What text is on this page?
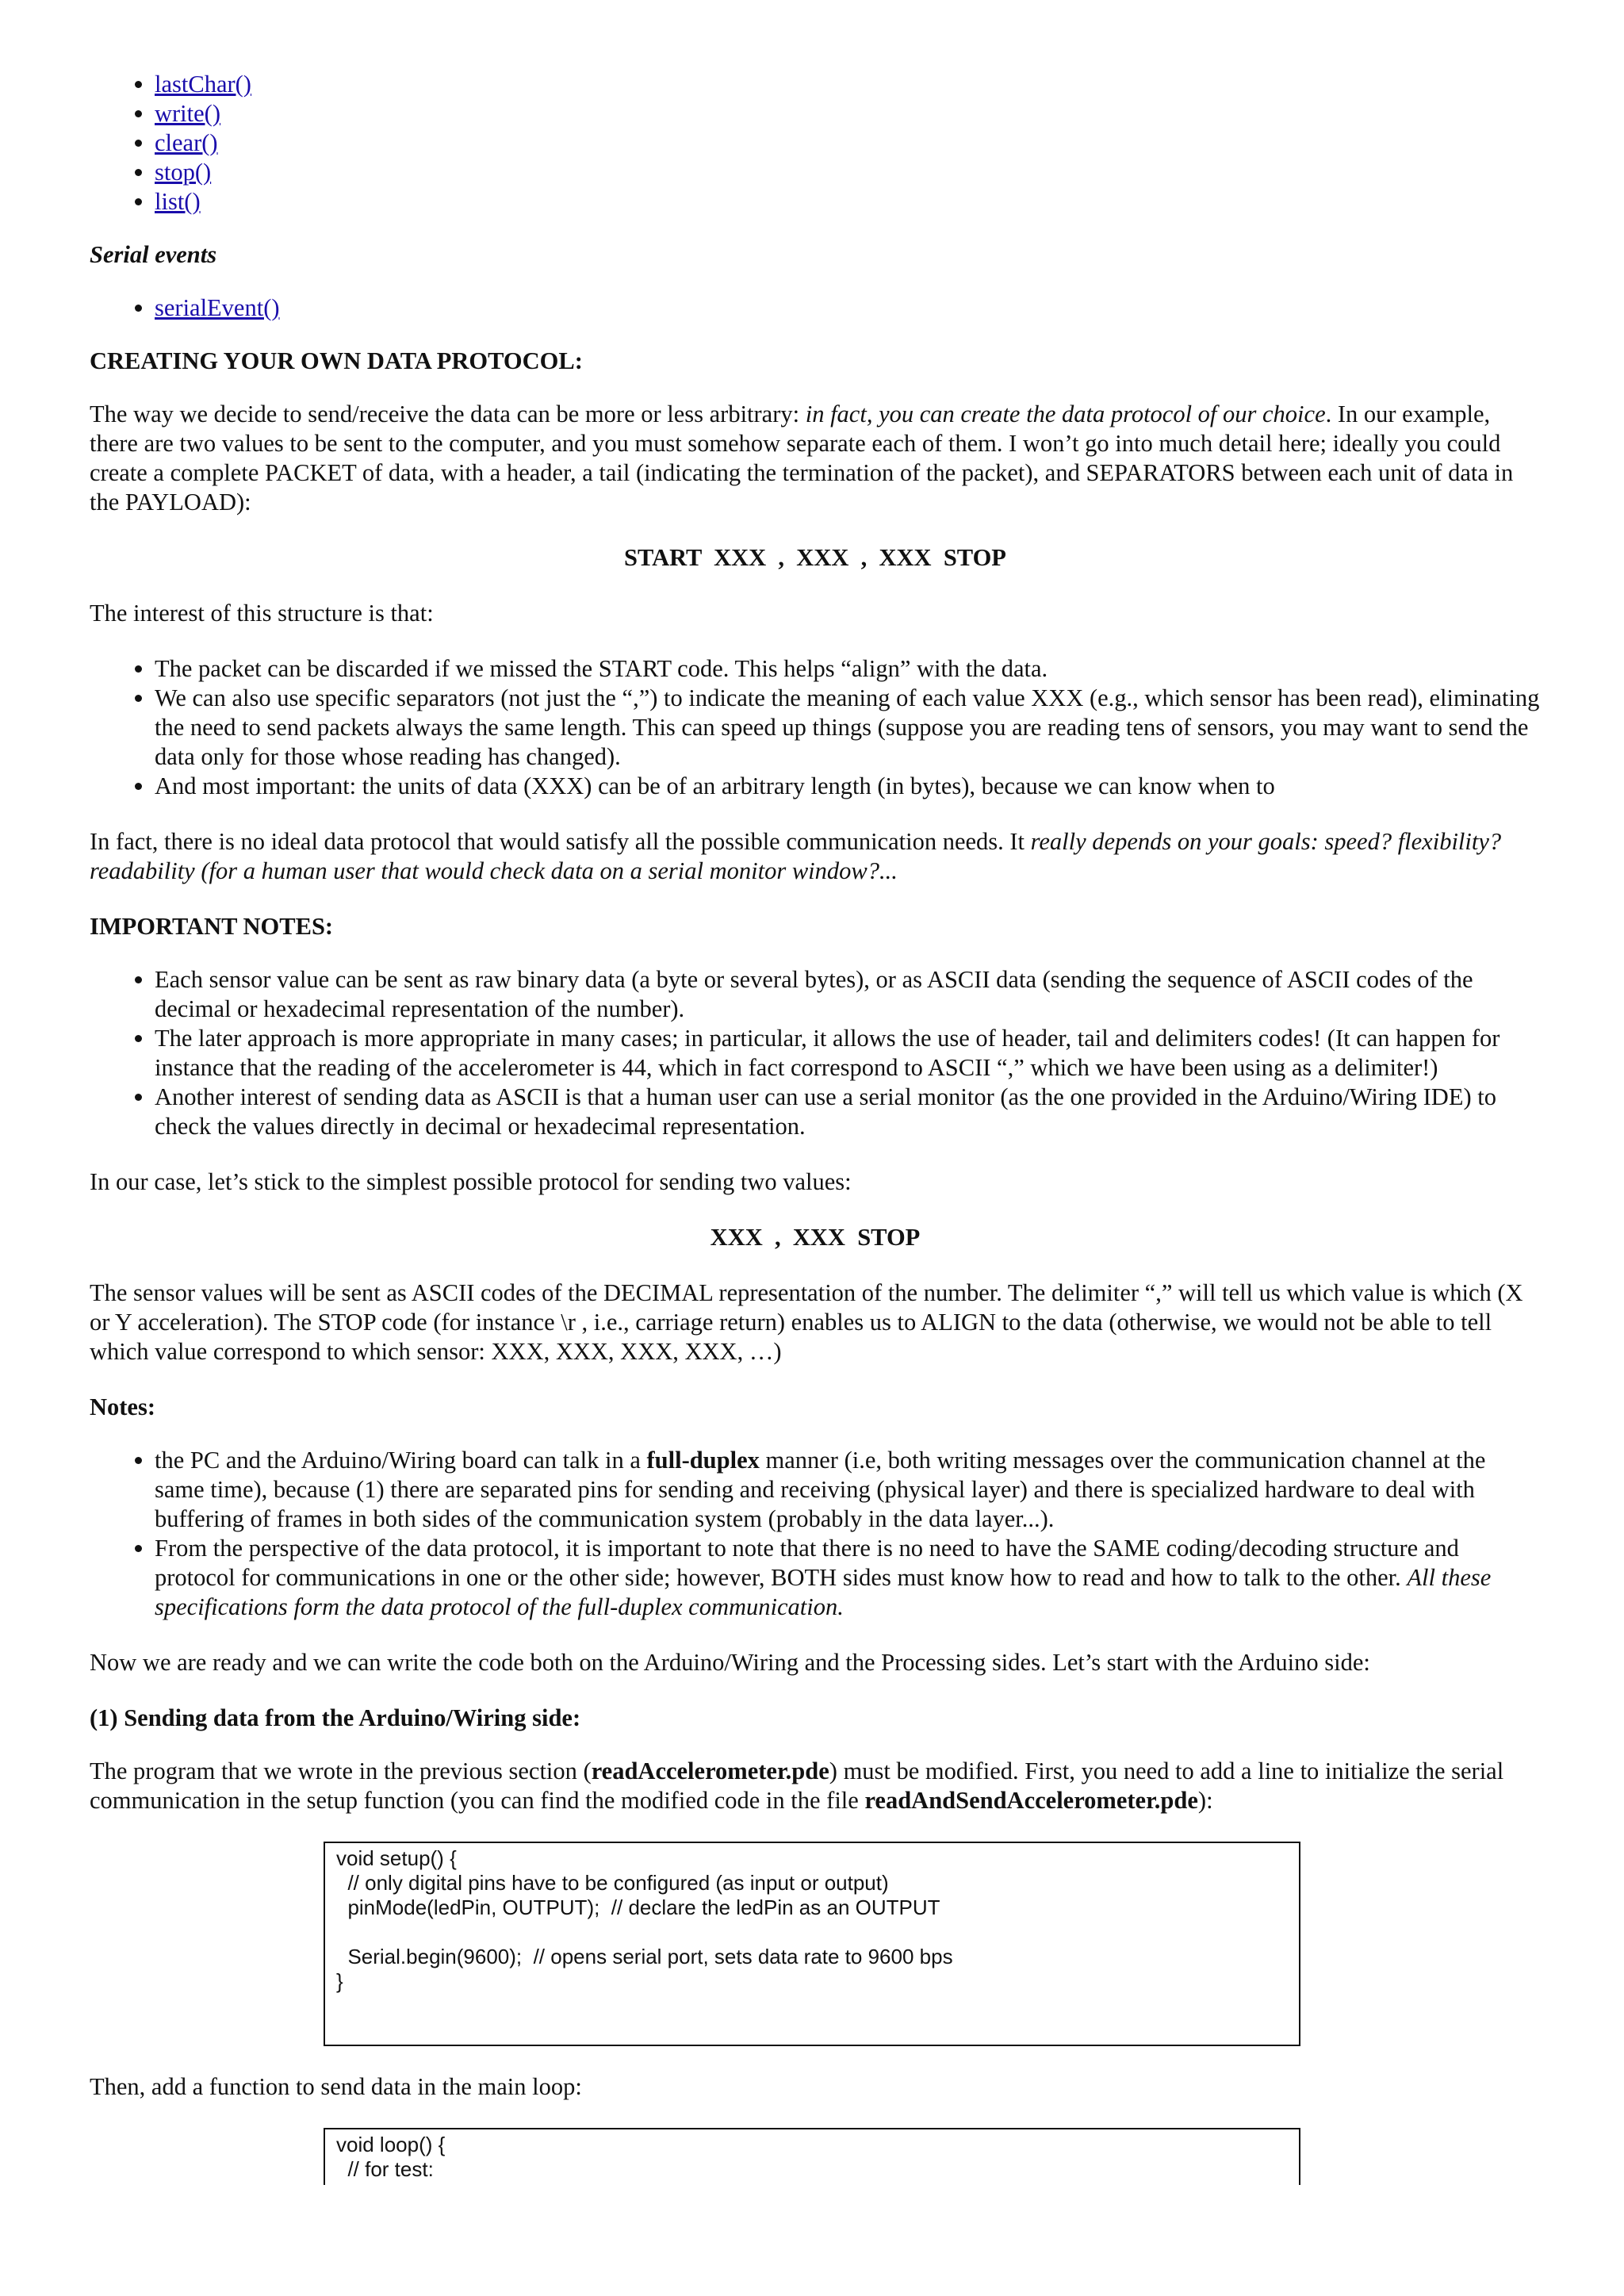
• lastChar()
• write()
• clear()
• stop()
• list()
Serial events
• serialEvent()
CREATING YOUR OWN DATA PROTOCOL:

The way we decide to send/receive the data can be more or less arbitrary: in fact, you can create the data protocol of our choice. In our example, there are two values to be sent to the computer, and you must somehow separate each of them. I won’t go into much detail here; ideally you could create a complete PACKET of data, with a header, a tail (indicating the termination of the packet), and SEPARATORS between each unit of data in the PAYLOAD):

START  XXX  ,  XXX  ,  XXX  STOP

The interest of this structure is that:

• The packet can be discarded if we missed the START code. This helps “align” with the data.
• We can also use specific separators (not just the “,”) to indicate the meaning of each value XXX (e.g., which sensor has been read), eliminating the need to send packets always the same length. This can speed up things (suppose you are reading tens of sensors, you may want to send the data only for those whose reading has changed).
• And most important: the units of data (XXX) can be of an arbitrary length (in bytes), because we can know when to

In fact, there is no ideal data protocol that would satisfy all the possible communication needs. It really depends on your goals: speed? flexibility? readability (for a human user that would check data on a serial monitor window?...

IMPORTANT NOTES:
• Each sensor value can be sent as raw binary data (a byte or several bytes), or as ASCII data (sending the sequence of ASCII codes of the decimal or hexadecimal representation of the number).
• The later approach is more appropriate in many cases; in particular, it allows the use of header, tail and delimiters codes! (It can happen for instance that the reading of the accelerometer is 44, which in fact correspond to ASCII “,” which we have been using as a delimiter!)
• Another interest of sending data as ASCII is that a human user can use a serial monitor (as the one provided in the Arduino/Wiring IDE) to check the values directly in decimal or hexadecimal representation.

In our case, let’s stick to the simplest possible protocol for sending two values:

XXX  ,  XXX  STOP

The sensor values will be sent as ASCII codes of the DECIMAL representation of the number. The delimiter “,” will tell us which value is which (X or Y acceleration). The STOP code (for instance \r , i.e., carriage return) enables us to ALIGN to the data (otherwise, we would not be able to tell which value correspond to which sensor: XXX, XXX, XXX, XXX, …)

Notes:
• the PC and the Arduino/Wiring board can talk in a full-duplex manner (i.e, both writing messages over the communication channel at the same time), because (1) there are separated pins for sending and receiving (physical layer) and there is specialized hardware to deal with buffering of frames in both sides of the communication system (probably in the data layer...).
• From the perspective of the data protocol, it is important to note that there is no need to have the SAME coding/decoding structure and protocol for communications in one or the other side; however, BOTH sides must know how to read and how to talk to the other. All these specifications form the data protocol of the full-duplex communication.

Now we are ready and we can write the code both on the Arduino/Wiring and the Processing sides. Let’s start with the Arduino side:

(1) Sending data from the Arduino/Wiring side:

The program that we wrote in the previous section (readAccelerometer.pde) must be modified. First, you need to add a line to initialize the serial communication in the setup function (you can find the modified code in the file readAndSendAccelerometer.pde):

void setup() {
// only digital pins have to be configured (as input or output)
pinMode(ledPin, OUTPUT);  // declare the ledPin as an OUTPUT

Serial.begin(9600);  // opens serial port, sets data rate to 9600 bps
}

Then, add a function to send data in the main loop:

void loop() {
// for test:
